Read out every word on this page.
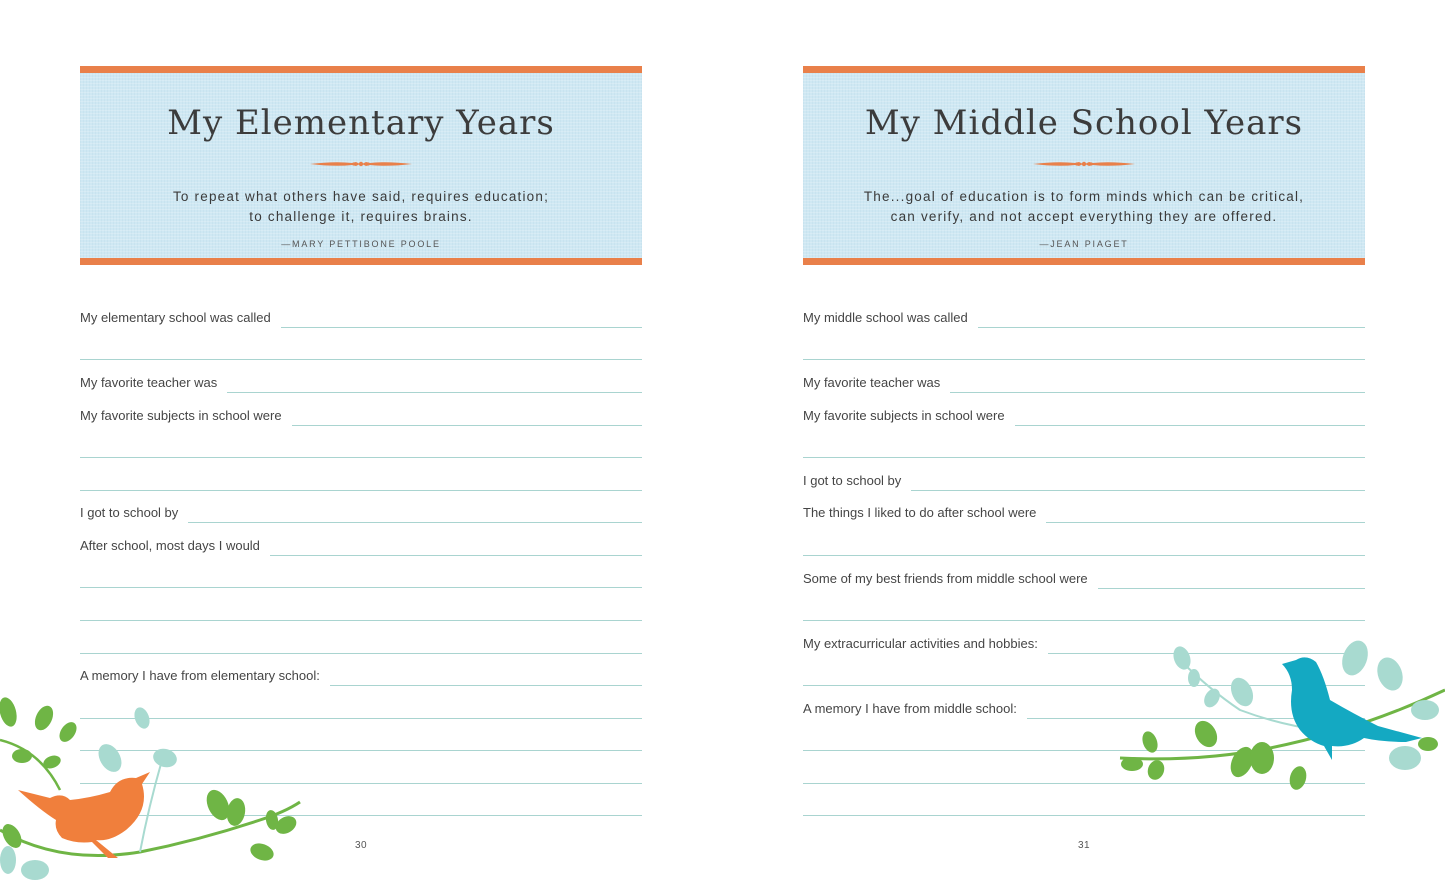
My Elementary Years
To repeat what others have said, requires education;
to challenge it, requires brains.
—MARY PETTIBONE POOLE
My elementary school was called
My favorite teacher was
My favorite subjects in school were
I got to school by
After school, most days I would
A memory I have from elementary school:
30
My Middle School Years
The...goal of education is to form minds which can be critical,
can verify, and not accept everything they are offered.
—JEAN PIAGET
My middle school was called
My favorite teacher was
My favorite subjects in school were
I got to school by
The things I liked to do after school were
Some of my best friends from middle school were
My extracurricular activities and hobbies:
A memory I have from middle school:
31
